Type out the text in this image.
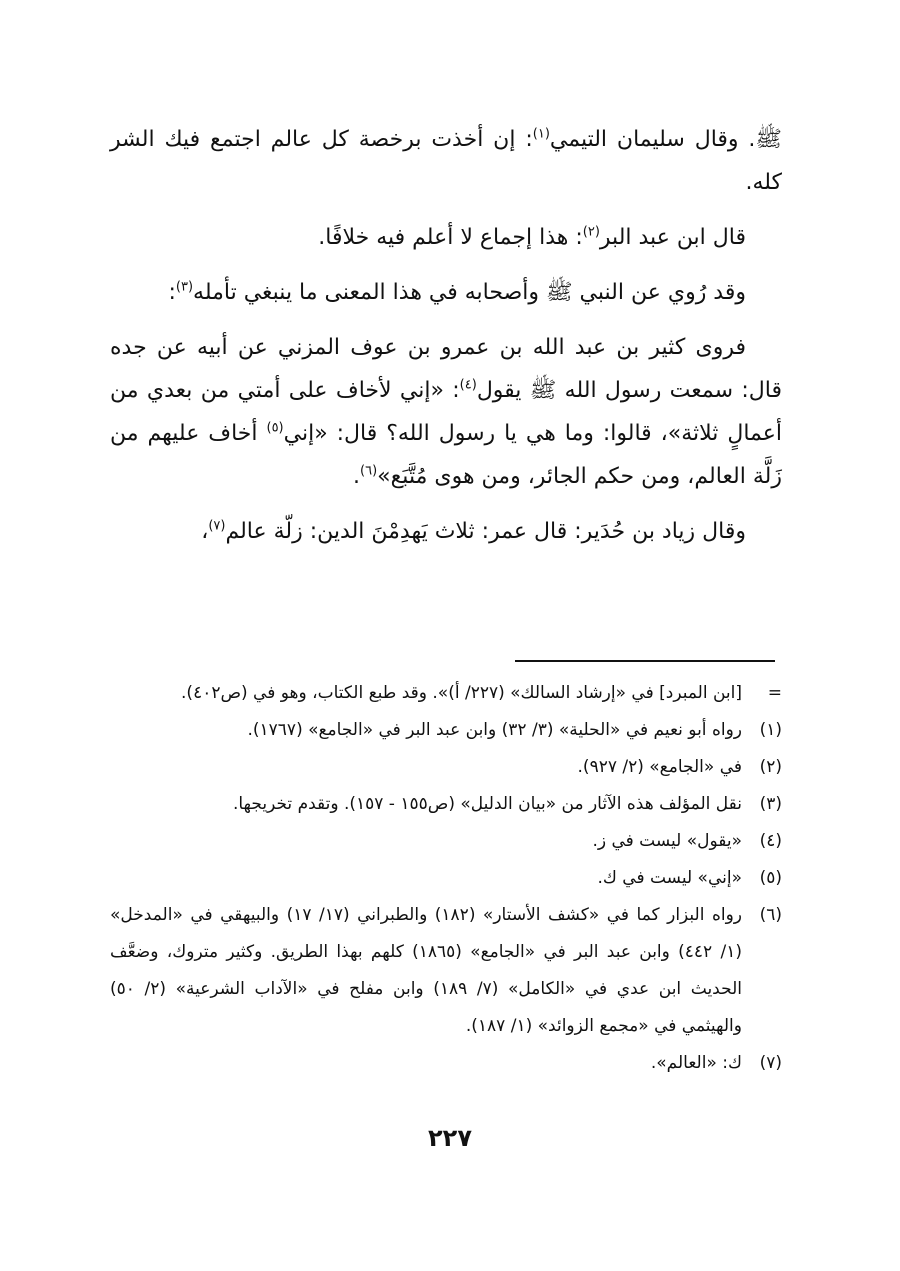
ﷺ. وقال سليمان التيمي$^{(١)}$: إن أخذت برخصة كل عالم اجتمع فيك الشر كله.

قال ابن عبد البر$^{(٢)}$: هذا إجماع لا أعلم فيه خلافًا.

وقد رُوي عن النبي ﷺ وأصحابه في هذا المعنى ما ينبغي تأمله$^{(٣)}$:

فروى كثير بن عبد الله بن عمرو بن عوف المزني عن أبيه عن جده قال: سمعت رسول الله ﷺ يقول$^{(٤)}$: «إني لأخاف على أمتي من بعدي من أعمالٍ ثلاثة»، قالوا: وما هي يا رسول الله؟ قال: «إني$^{(٥)}$ أخاف عليهم من زَلَّة العالم، ومن حكم الجائر، ومن هوى مُتَّبَع»$^{(٦)}$.

وقال زياد بن حُدَير: قال عمر: ثلاث يَهدِمْنَ الدين: زلّة عالم$^{(٧)}$،

=
[ابن المبرد] في «إرشاد السالك» (٢٢٧/ أ)». وقد طبع الكتاب، وهو في (ص٤٠٢).
(١)
رواه أبو نعيم في «الحلية» (٣/ ٣٢) وابن عبد البر في «الجامع» (١٧٦٧).
(٢)
في «الجامع» (٢/ ٩٢٧).
(٣)
نقل المؤلف هذه الآثار من «بيان الدليل» (ص١٥٥ - ١٥٧). وتقدم تخريجها.
(٤)
«يقول» ليست في ز.
(٥)
«إني» ليست في ك.
(٦)
رواه البزار كما في «كشف الأستار» (١٨٢) والطبراني (١٧/ ١٧) والبيهقي في «المدخل» (١/ ٤٤٢) وابن عبد البر في «الجامع» (١٨٦٥) كلهم بهذا الطريق. وكثير متروك، وضعَّف الحديث ابن عدي في «الكامل» (٧/ ١٨٩) وابن مفلح في «الآداب الشرعية» (٢/ ٥٠) والهيثمي في «مجمع الزوائد» (١/ ١٨٧).
(٧)
ك: «العالم».
٢٢٧
